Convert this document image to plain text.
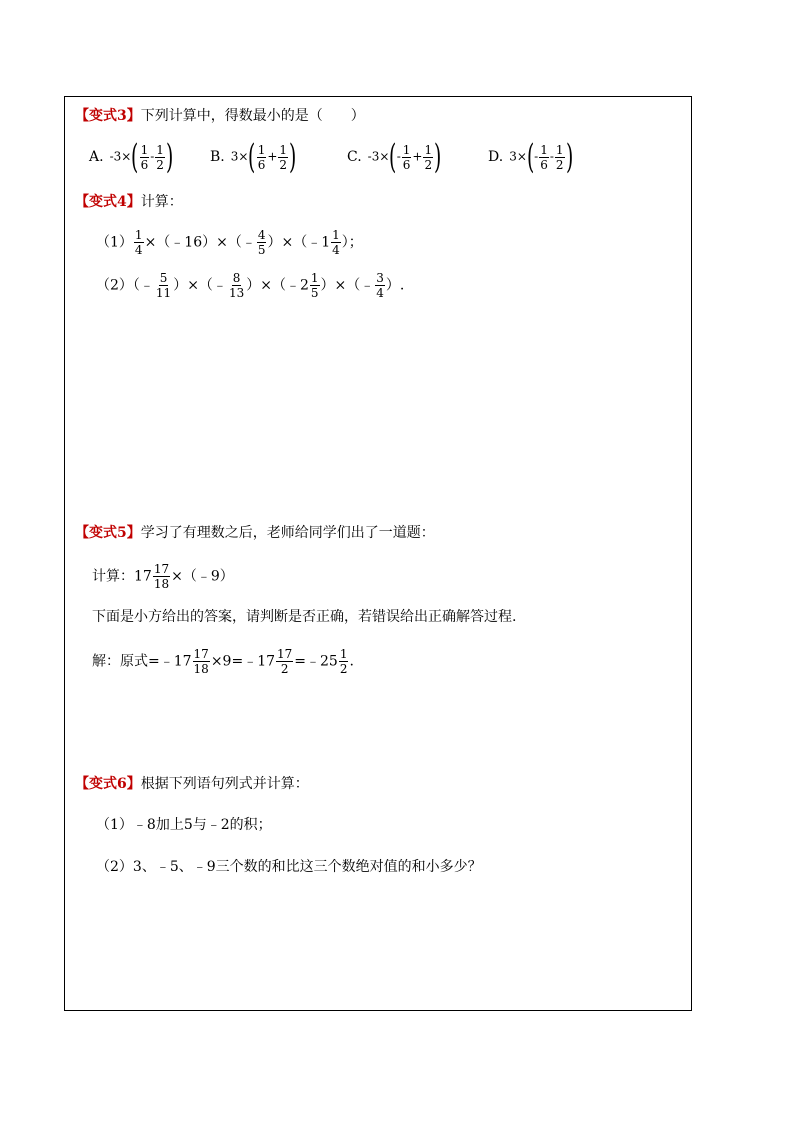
【变式3】下列计算中，得数最小的是（　　）
A. $-3\times( \frac{1}{6} - \frac{1}{2}$ )	B. $3\times( \frac{1}{6} + \frac{1}{2}$ )	C. $-3\times(- \frac{1}{6} + \frac{1}{2}$ )	D. $3\times(- \frac{1}{6} - \frac{1}{2}$ )
【变式4】计算：
$(1) \frac{1}{4}$ ×（﹣16）×（﹣ $\frac{4}{5}$ ）×（﹣1 $\frac{1}{4}$ ）；
（2）（﹣ $\frac{5}{11}$ ）×（﹣ $\frac{8}{13}$ ）×（﹣2 $\frac{1}{5}$ ）×（﹣ $\frac{3}{4}$ ）.
【变式5】学习了有理数之后，老师给同学们出了一道题：
计算：$17 \frac{17}{18}$ ×（﹣9）
下面是小方给出的答案，请判断是否正确，若错误给出正确解答过程.
解：原式=﹣17 $\frac{17}{18}$ ×9=﹣17 $\frac{17}{2}$ =﹣25 $\frac{1}{2}$ .
【变式6】根据下列语句列式并计算：
（1）﹣8加上5与﹣2的积；
（2）3、﹣5、﹣9三个数的和比这三个数绝对值的和小多少？
